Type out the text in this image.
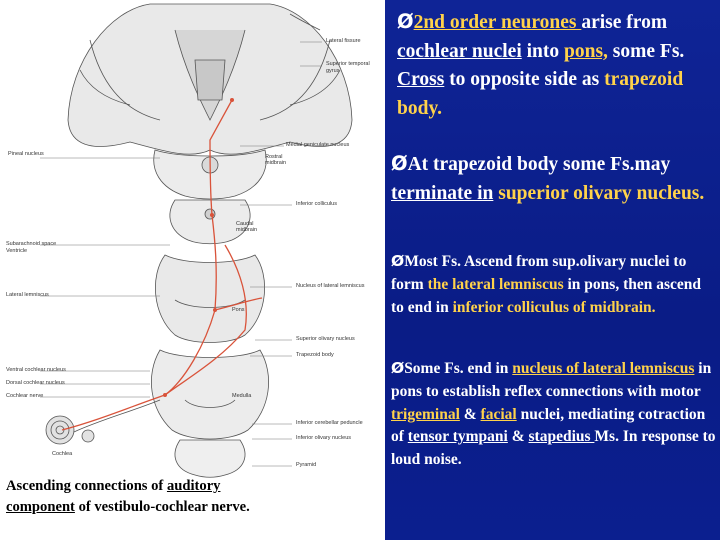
Lateral fissure
Superior temporal
gyrus
Medial geniculate nucleus
Pineal nucleus	Rostral
midbrain
Inferior colliculus
Caudal
midbrain
Subarachnoid space
Ventricle
Lateral lemniscus
Nucleus of lateral lemniscus
Pons
Superior olivary nucleus
Trapezoid body
Ventral cochlear nucleus
Dorsal cochlear nucleus
Cochlear nerve	Medulla
Cochlea
Inferior cerebellar peduncle
Inferior olivary nucleus
Pyramid
Ascending connections of auditory
component of vestibulo-cochlear nerve.
Ø2nd order neurones arise from cochlear nuclei into pons, some Fs. Cross to opposite side as trapezoid body.
ØAt trapezoid body some Fs.may terminate in superior olivary nucleus.
ØMost Fs. Ascend from sup.olivary nuclei to form the lateral lemniscus in pons, then ascend to end in inferior colliculus of midbrain.
ØSome Fs. end in nucleus of lateral lemniscus in pons to establish reflex connections with motor trigeminal & facial nuclei, mediating cotraction of tensor tympani & stapedius Ms. In response to loud noise.
